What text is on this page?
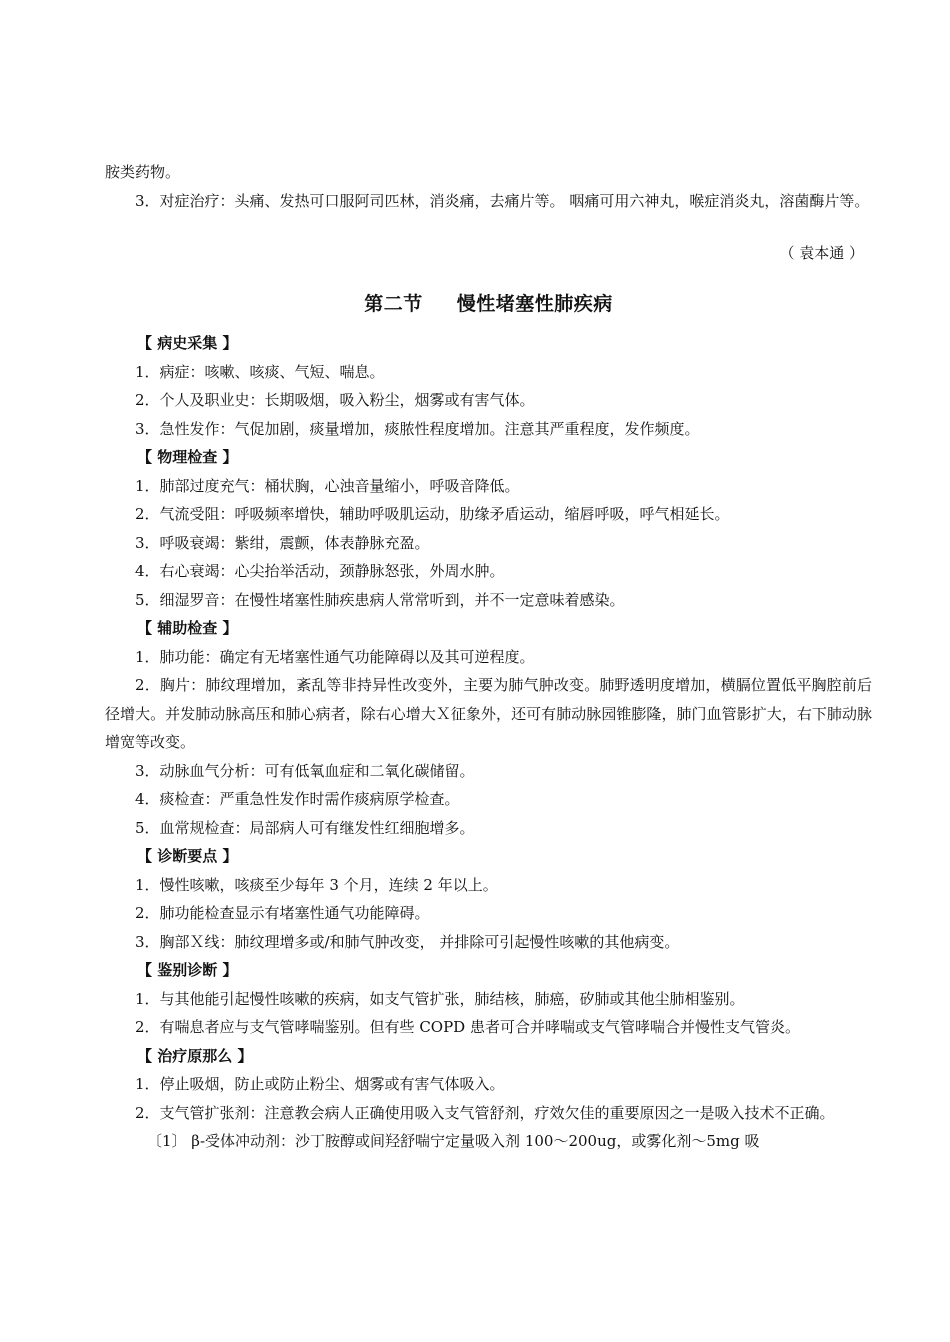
胺类药物。

3．对症治疗：头痛、发热可口服阿司匹林，消炎痛，去痛片等。 咽痛可用六神丸，喉症消炎丸，溶菌酶片等。

（ 袁本通 ）
第二节 慢性堵塞性肺疾病

【 病史采集 】

1．病症：咳嗽、咳痰、气短、喘息。

2．个人及职业史：长期吸烟，吸入粉尘，烟雾或有害气体。

3．急性发作：气促加剧，痰量增加，痰脓性程度增加。注意其严重程度，发作频度。

【 物理检查 】

1．肺部过度充气：桶状胸，心浊音量缩小，呼吸音降低。

2．气流受阻：呼吸频率增快，辅助呼吸肌运动，肋缘矛盾运动，缩唇呼吸，呼气相延长。

3．呼吸衰竭：紫绀，震颤，体表静脉充盈。

4．右心衰竭：心尖抬举活动，颈静脉怒张，外周水肿。

5．细湿罗音：在慢性堵塞性肺疾患病人常常听到，并不一定意味着感染。

【 辅助检查 】

1．肺功能：确定有无堵塞性通气功能障碍以及其可逆程度。

2．胸片：肺纹理增加，紊乱等非持异性改变外，主要为肺气肿改变。肺野透明度增加，横膈位置低平胸腔前后径增大。并发肺动脉高压和肺心病者，除右心增大Ｘ征象外，还可有肺动脉园锥膨隆，肺门血管影扩大，右下肺动脉增宽等改变。

3．动脉血气分析：可有低氧血症和二氧化碳储留。

4．痰检查：严重急性发作时需作痰病原学检查。

5．血常规检查：局部病人可有继发性红细胞增多。

【 诊断要点 】

1．慢性咳嗽，咳痰至少每年 3 个月，连续 2 年以上。

2．肺功能检查显示有堵塞性通气功能障碍。

3．胸部Ｘ线：肺纹理增多或/和肺气肿改变， 并排除可引起慢性咳嗽的其他病变。

【 鉴别诊断 】

1．与其他能引起慢性咳嗽的疾病，如支气管扩张，肺结核，肺癌，矽肺或其他尘肺相鉴别。

2．有喘息者应与支气管哮喘鉴别。但有些 COPD 患者可合并哮喘或支气管哮喘合并慢性支气管炎。

【 治疗原那么 】

1．停止吸烟，防止或防止粉尘、烟雾或有害气体吸入。

2．支气管扩张剂：注意教会病人正确使用吸入支气管舒剂，疗效欠佳的重要原因之一是吸入技术不正确。

〔1〕 β-受体冲动剂：沙丁胺醇或间羟舒喘宁定量吸入剂 100～200ug，或雾化剂～5mg 吸
